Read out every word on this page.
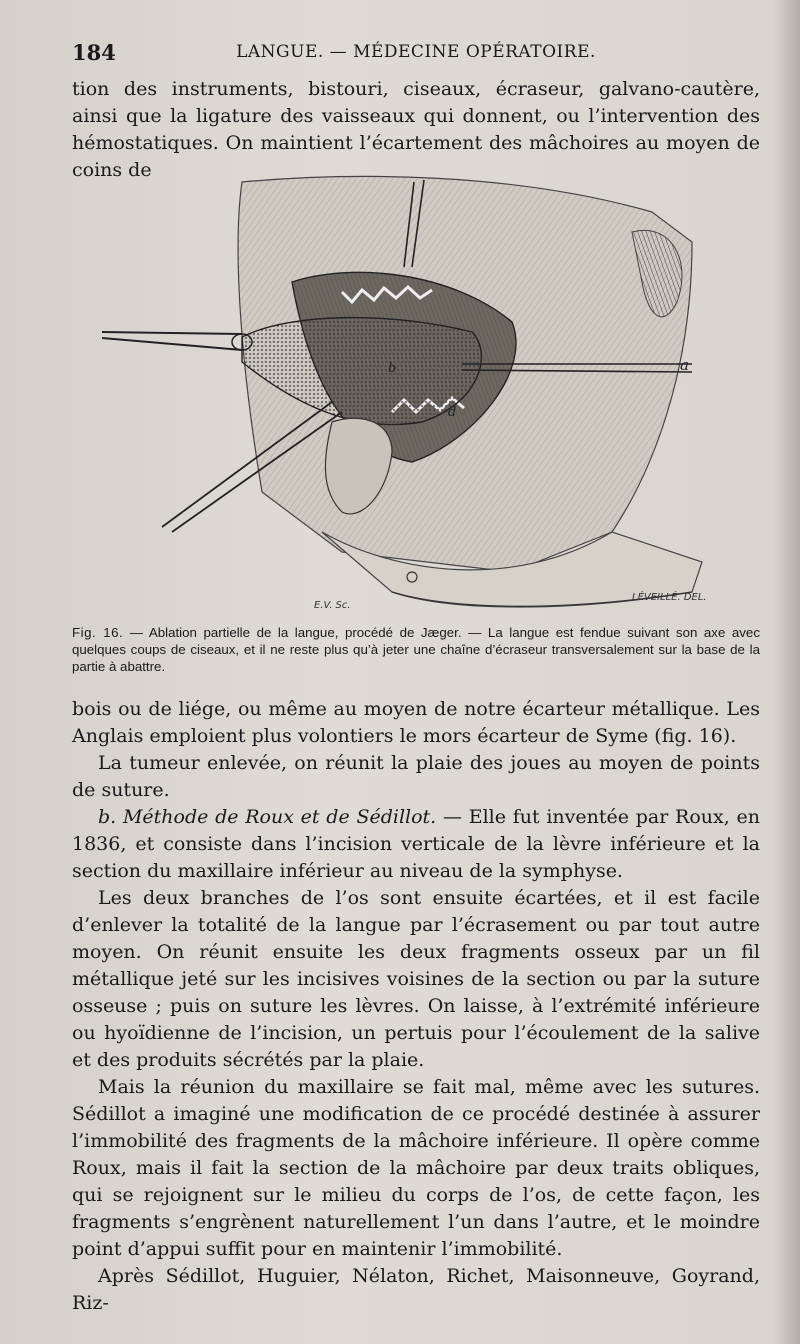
184	LANGUE. — MÉDECINE OPÉRATOIRE.

tion des instruments, bistouri, ciseaux, écraseur, galvano-cautère, ainsi que la ligature des vaisseaux qui donnent, ou l’intervention des hémostatiques. On maintient l’écartement des mâchoires au moyen de coins de

a
b
d
E.V. Sc.
LÉVEILLÉ. DEL.
Fig. 16. — Ablation partielle de la langue, procédé de Jæger. — La langue est fendue suivant son axe avec quelques coups de ciseaux, et il ne reste plus qu’à jeter une chaîne d’écraseur transversalement sur la base de la partie à abattre.

bois ou de liége, ou même au moyen de notre écarteur métallique. Les Anglais emploient plus volontiers le mors écarteur de Syme (fig. 16).

La tumeur enlevée, on réunit la plaie des joues au moyen de points de suture.

b. Méthode de Roux et de Sédillot. — Elle fut inventée par Roux, en 1836, et consiste dans l’incision verticale de la lèvre inférieure et la section du maxillaire inférieur au niveau de la symphyse.

Les deux branches de l’os sont ensuite écartées, et il est facile d’enlever la totalité de la langue par l’écrasement ou par tout autre moyen. On réunit ensuite les deux fragments osseux par un fil métallique jeté sur les incisives voisines de la section ou par la suture osseuse ; puis on suture les lèvres. On laisse, à l’extrémité inférieure ou hyoïdienne de l’incision, un pertuis pour l’écoulement de la salive et des produits sécrétés par la plaie.

Mais la réunion du maxillaire se fait mal, même avec les sutures. Sédillot a imaginé une modification de ce procédé destinée à assurer l’immobilité des fragments de la mâchoire inférieure. Il opère comme Roux, mais il fait la section de la mâchoire par deux traits obliques, qui se rejoignent sur le milieu du corps de l’os, de cette façon, les fragments s’engrènent naturellement l’un dans l’autre, et le moindre point d’appui suffit pour en maintenir l’immobilité.

Après Sédillot, Huguier, Nélaton, Richet, Maisonneuve, Goyrand, Riz-
